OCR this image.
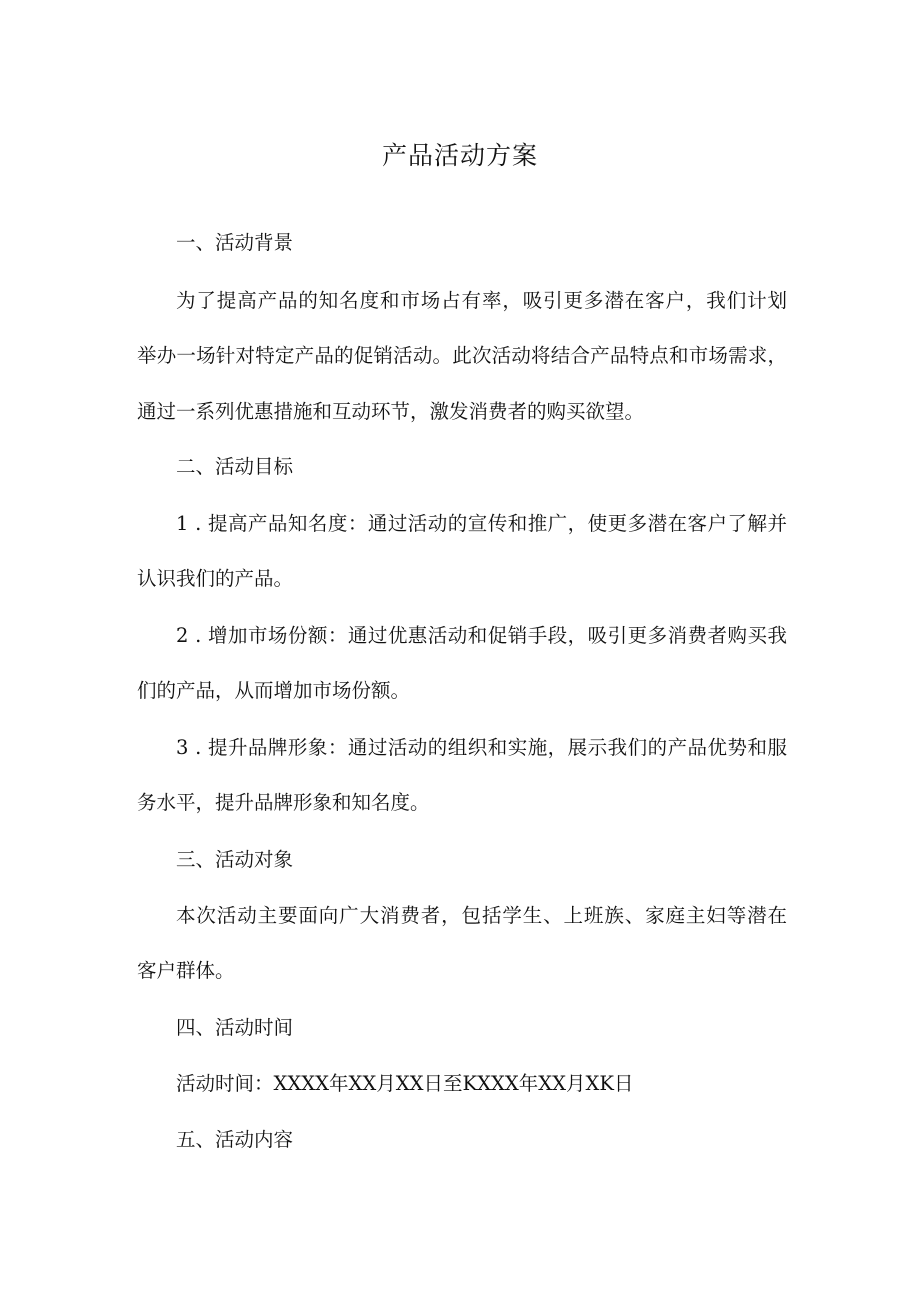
产品活动方案

一、活动背景

为​了​提​高​产​品​的​知​名​度​和​市​场​占​有​率​，​吸​引​更​多​潜​在​客​户​，​我​们​计​划

举​办​一​场​针​对​特​定​产​品​的​促​销​活​动​。​此​次​活​动​将​结​合​产​品​特​点​和​市​场​需​求​，

通过一系列优惠措施和互动环节，激发消费者的购买欲望。

二、活动目标

1​ ​.​ ​提​高​产​品​知​名​度​：​通​过​活​动​的​宣​传​和​推​广​，​使​更​多​潜​在​客​户​了​解​并

认识我们的产品。

2​ ​.​ ​增​加​市​场​份​额​：​通​过​优​惠​活​动​和​促​销​手​段​，​吸​引​更​多​消​费​者​购​买​我

们的产品，从而增加市场份额。

3​ ​.​ ​提​升​品​牌​形​象​：​通​过​活​动​的​组​织​和​实​施​，​展​示​我​们​的​产​品​优​势​和​服

务水平，提升品牌形象和知名度。

三、活动对象

本​次​活​动​主​要​面​向​广​大​消​费​者​，​包​括​学​生​、​上​班​族​、​家​庭​主​妇​等​潜​在

客户群体。

四、活动时间

活动时间：XXXX年XX月XX日至KXXX年XX月XK日

五、活动内容
